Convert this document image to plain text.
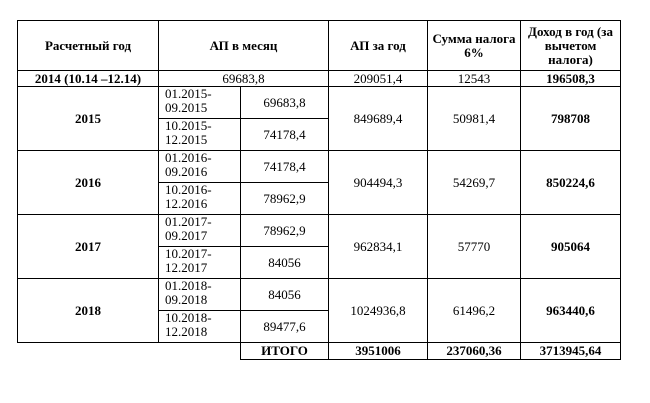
Расчетный год	АП в месяц		АП за год	Сумма налога 6%	Доход в год (за вычетом налога)
2014 (10.14 –12.14)	69683,8		209051,4	12543	196508,3
2015	01.2015-09.2015	69683,8	849689,4	50981,4	798708

	10.2015-12.2015	74178,4			
2016	01.2016-09.2016	74178,4	904494,3	54269,7	850224,6

	10.2016-12.2016	78962,9			
2017	01.2017-09.2017	78962,9	962834,1	57770	905064

	10.2017-12.2017	84056			
2018	01.2018-09.2018	84056	1024936,8	61496,2	963440,6

	10.2018-12.2018	89477,6			
		ИТОГО	3951006	237060,36	3713945,64
